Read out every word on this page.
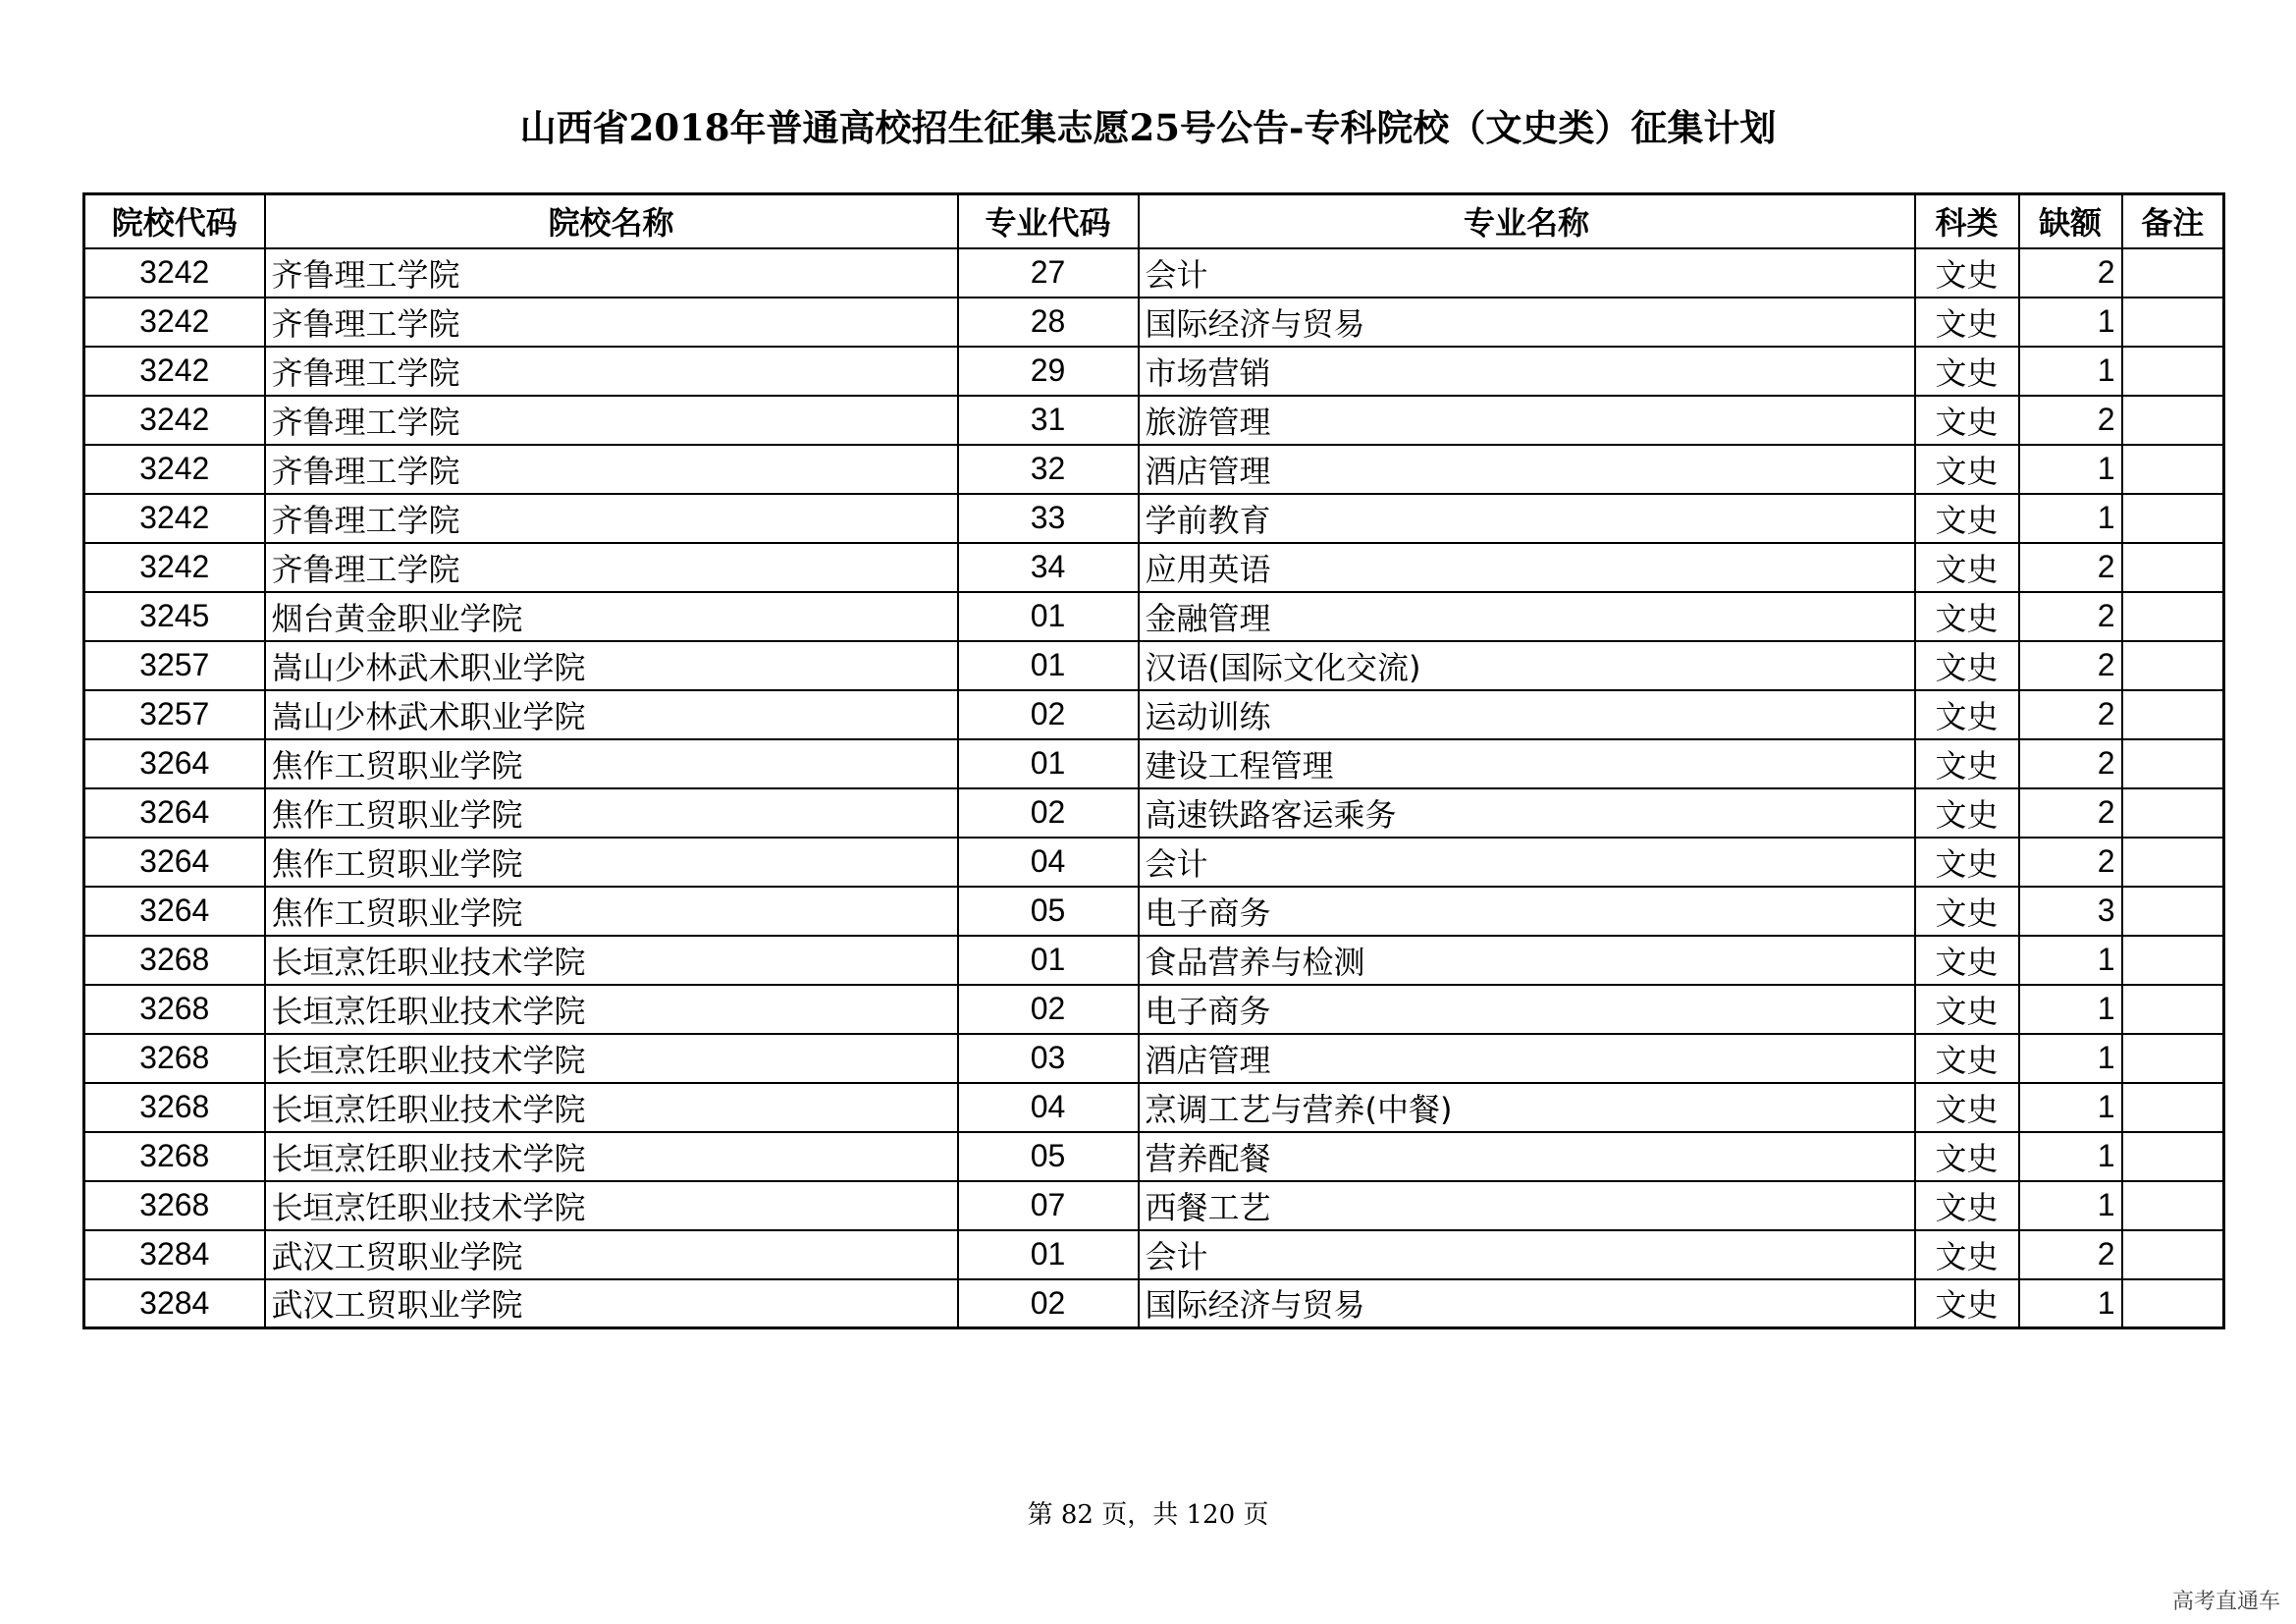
山西省2018年普通高校招生征集志愿25号公告-专科院校（文史类）征集计划
院校代码	院校名称	专业代码	专业名称	科类	缺额	备注
3242	齐鲁理工学院	27	会计	文史	2	
3242	齐鲁理工学院	28	国际经济与贸易	文史	1	
3242	齐鲁理工学院	29	市场营销	文史	1	
3242	齐鲁理工学院	31	旅游管理	文史	2	
3242	齐鲁理工学院	32	酒店管理	文史	1	
3242	齐鲁理工学院	33	学前教育	文史	1	
3242	齐鲁理工学院	34	应用英语	文史	2	
3245	烟台黄金职业学院	01	金融管理	文史	2	
3257	嵩山少林武术职业学院	01	汉语(国际文化交流)	文史	2	
3257	嵩山少林武术职业学院	02	运动训练	文史	2	
3264	焦作工贸职业学院	01	建设工程管理	文史	2	
3264	焦作工贸职业学院	02	高速铁路客运乘务	文史	2	
3264	焦作工贸职业学院	04	会计	文史	2	
3264	焦作工贸职业学院	05	电子商务	文史	3	
3268	长垣烹饪职业技术学院	01	食品营养与检测	文史	1	
3268	长垣烹饪职业技术学院	02	电子商务	文史	1	
3268	长垣烹饪职业技术学院	03	酒店管理	文史	1	
3268	长垣烹饪职业技术学院	04	烹调工艺与营养(中餐)	文史	1	
3268	长垣烹饪职业技术学院	05	营养配餐	文史	1	
3268	长垣烹饪职业技术学院	07	西餐工艺	文史	1	
3284	武汉工贸职业学院	01	会计	文史	2	
3284	武汉工贸职业学院	02	国际经济与贸易	文史	1	
第 82 页，共 120 页
高考直通车
